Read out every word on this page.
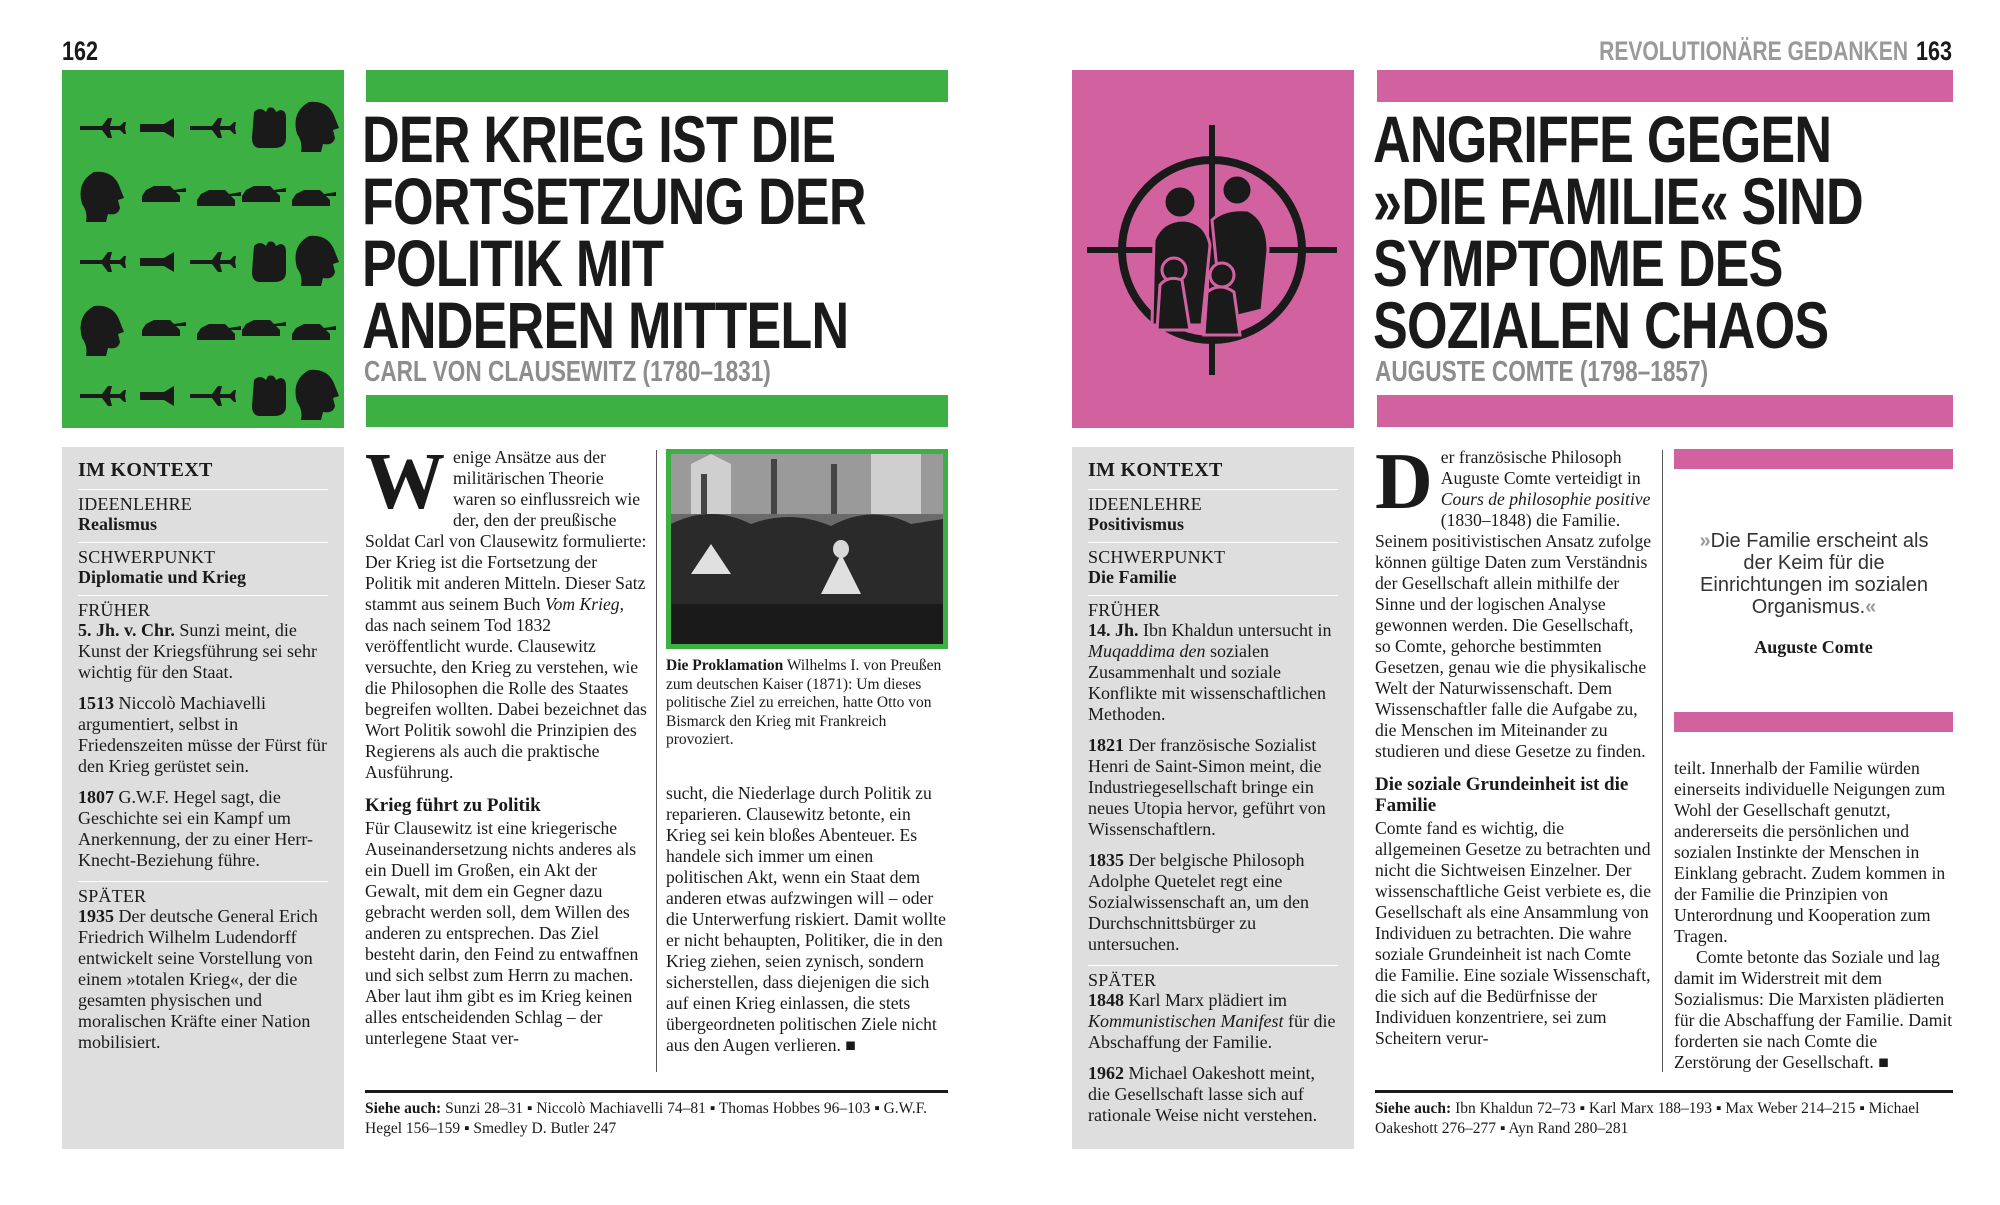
162
DER KRIEG IST DIE
FORTSETZUNG DER
POLITIK MIT
ANDEREN MITTELN
CARL VON CLAUSEWITZ (1780–1831)
IM KONTEXT
IDEENLEHRE
Realismus
SCHWERPUNKT
Diplomatie und Krieg
FRÜHER

5. Jh. v. Chr. Sunzi meint, die Kunst der Kriegsführung sei sehr wichtig für den Staat.

1513 Niccolò Machiavelli argumentiert, selbst in Friedenszeiten müsse der Fürst für den Krieg gerüstet sein.

1807 G.W.F. Hegel sagt, die Geschichte sei ein Kampf um Anerkennung, der zu einer Herr-Knecht-Beziehung führe.

SPÄTER

1935 Der deutsche General Erich Friedrich Wilhelm Ludendorff entwickelt seine Vorstellung von einem »totalen Krieg«, der die gesamten physischen und moralischen Kräfte einer Nation mobilisiert.

W enige Ansätze aus der militärischen Theorie waren so einflussreich wie der, den der preußische Soldat Carl von Clausewitz formulierte: Der Krieg ist die Fortsetzung der Politik mit anderen Mitteln. Dieser Satz stammt aus seinem Buch Vom Krieg, das nach seinem Tod 1832 veröffentlicht wurde. Clausewitz versuchte, den Krieg zu verstehen, wie die Philosophen die Rolle des Staates begreifen wollten. Dabei bezeichnet das Wort Politik sowohl die Prinzipien des Regierens als auch die praktische Ausführung.

Krieg führt zu Politik

Für Clausewitz ist eine kriegerische Auseinandersetzung nichts anderes als ein Duell im Großen, ein Akt der Gewalt, mit dem ein Gegner dazu gebracht werden soll, dem Willen des anderen zu entsprechen. Das Ziel besteht darin, den Feind zu entwaffnen und sich selbst zum Herrn zu machen. Aber laut ihm gibt es im Krieg keinen alles entscheidenden Schlag – der unterlegene Staat ver-

Die Proklamation Wilhelms I. von Preußen zum deutschen Kaiser (1871): Um dieses politische Ziel zu erreichen, hatte Otto von Bismarck den Krieg mit Frankreich provoziert.

sucht, die Niederlage durch Politik zu reparieren. Clausewitz betonte, ein Krieg sei kein bloßes Abenteuer. Es handele sich immer um einen politischen Akt, wenn ein Staat dem anderen etwas aufzwingen will – oder die Unterwerfung riskiert. Damit wollte er nicht behaupten, Politiker, die in den Krieg ziehen, seien zynisch, sondern sicherstellen, dass diejenigen die sich auf einen Krieg einlassen, die stets übergeordneten politischen Ziele nicht aus den Augen verlieren. ■

Siehe auch: Sunzi 28–31 ▪ Niccolò Machiavelli 74–81 ▪ Thomas Hobbes 96–103 ▪ G.W.F. Hegel 156–159 ▪ Smedley D. Butler 247
REVOLUTIONÄRE GEDANKEN 163
ANGRIFFE GEGEN
»DIE FAMILIE« SIND
SYMPTOME DES
SOZIALEN CHAOS
AUGUSTE COMTE (1798–1857)
IM KONTEXT
IDEENLEHRE
Positivismus
SCHWERPUNKT
Die Familie
FRÜHER

14. Jh. Ibn Khaldun untersucht in Muqaddima den sozialen Zusammenhalt und soziale Konflikte mit wissenschaftlichen Methoden.

1821 Der französische Sozialist Henri de Saint-Simon meint, die Industriegesellschaft bringe ein neues Utopia hervor, geführt von Wissenschaftlern.

1835 Der belgische Philosoph Adolphe Quetelet regt eine Sozialwissenschaft an, um den Durchschnittsbürger zu untersuchen.

SPÄTER

1848 Karl Marx plädiert im Kommunistischen Manifest für die Abschaffung der Familie.

1962 Michael Oakeshott meint, die Gesellschaft lasse sich auf rationale Weise nicht verstehen.

D er französische Philosoph Auguste Comte verteidigt in Cours de philosophie positive (1830–1848) die Familie. Seinem positivistischen Ansatz zufolge können gültige Daten zum Verständnis der Gesellschaft allein mithilfe der Sinne und der logischen Analyse gewonnen werden. Die Gesellschaft, so Comte, gehorche bestimmten Gesetzen, genau wie die physikalische Welt der Naturwissenschaft. Dem Wissenschaftler falle die Aufgabe zu, die Menschen im Miteinander zu studieren und diese Gesetze zu finden.

Die soziale Grundeinheit ist die Familie

Comte fand es wichtig, die allgemeinen Gesetze zu betrachten und nicht die Sichtweisen Einzelner. Der wissenschaftliche Geist verbiete es, die Gesellschaft als eine Ansammlung von Individuen zu betrachten. Die wahre soziale Grundeinheit ist nach Comte die Familie. Eine soziale Wissenschaft, die sich auf die Bedürfnisse der Individuen konzentriere, sei zum Scheitern verur-

»Die Familie erscheint als der Keim für die Einrichtungen im sozialen Organismus.«
Auguste Comte

teilt. Innerhalb der Familie würden einerseits individuelle Neigungen zum Wohl der Gesellschaft genutzt, andererseits die persönlichen und sozialen Instinkte der Menschen in Einklang gebracht. Zudem kommen in der Familie die Prinzipien von Unterordnung und Kooperation zum Tragen.

Comte betonte das Soziale und lag damit im Widerstreit mit dem Sozialismus: Die Marxisten plädierten für die Abschaffung der Familie. Damit forderten sie nach Comte die Zerstörung der Gesellschaft. ■

Siehe auch: Ibn Khaldun 72–73 ▪ Karl Marx 188–193 ▪ Max Weber 214–215 ▪ Michael Oakeshott 276–277 ▪ Ayn Rand 280–281
